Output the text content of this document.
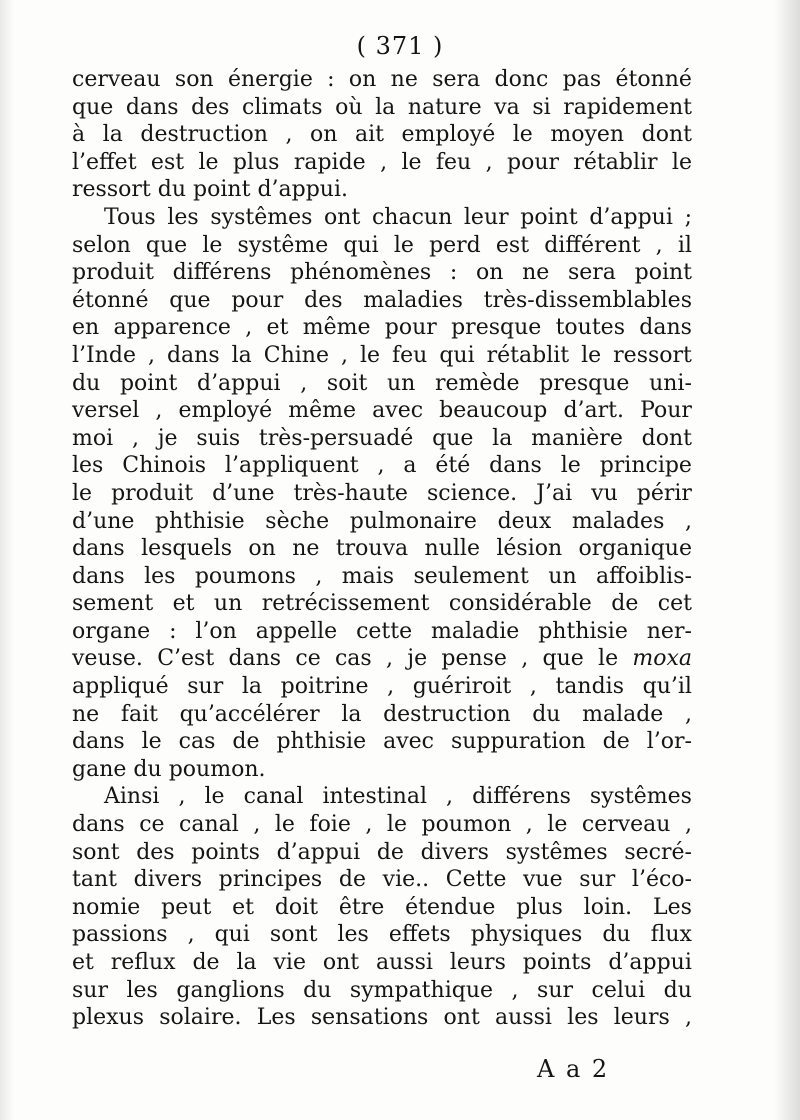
( 371 )
cerveau son énergie : on ne sera donc pas étonné
que dans des climats où la nature va si rapidement
à la destruction , on ait employé le moyen dont
l’effet est le plus rapide , le feu , pour rétablir le
ressort du point d’appui.
Tous les systêmes ont chacun leur point d’appui ;
selon que le systême qui le perd est différent , il
produit différens phénomènes : on ne sera point
étonné que pour des maladies très-dissemblables
en apparence , et même pour presque toutes dans
l’Inde , dans la Chine , le feu qui rétablit le ressort
du point d’appui , soit un remède presque uni-
versel , employé même avec beaucoup d’art. Pour
moi , je suis très-persuadé que la manière dont
les Chinois l’appliquent , a été dans le principe
le produit d’une très-haute science. J’ai vu périr
d’une phthisie sèche pulmonaire deux malades ,
dans lesquels on ne trouva nulle lésion organique
dans les poumons , mais seulement un affoiblis-
sement et un retrécissement considérable de cet
organe : l’on appelle cette maladie phthisie ner-
veuse. C’est dans ce cas , je pense , que le moxa
appliqué sur la poitrine , guériroit , tandis qu’il
ne fait qu’accélérer la destruction du malade ,
dans le cas de phthisie avec suppuration de l’or-
gane du poumon.
Ainsi , le canal intestinal , différens systêmes
dans ce canal , le foie , le poumon , le cerveau ,
sont des points d’appui de divers systêmes secré-
tant divers principes de vie.. Cette vue sur l’éco-
nomie peut et doit être étendue plus loin. Les
passions , qui sont les effets physiques du flux
et reflux de la vie ont aussi leurs points d’appui
sur les ganglions du sympathique , sur celui du
plexus solaire. Les sensations ont aussi les leurs ,
A a 2
